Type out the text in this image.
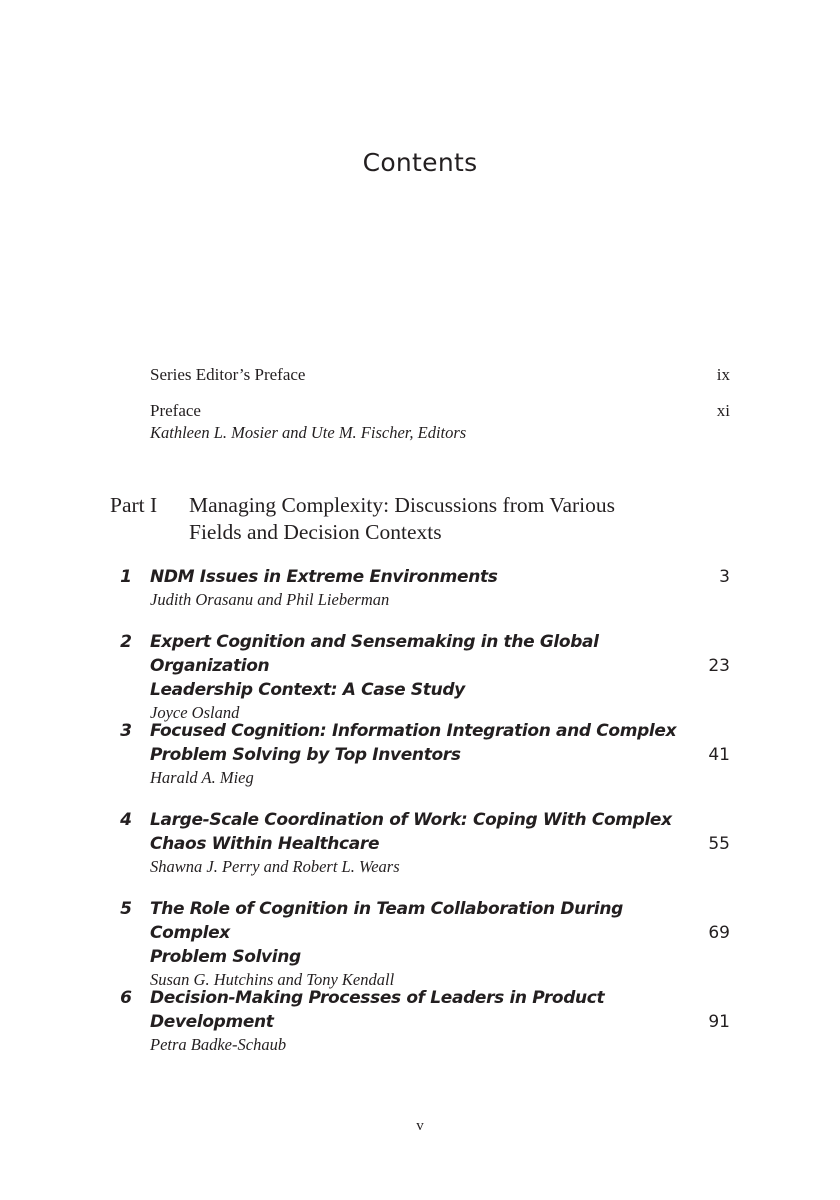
Contents
Series Editor’s Preface	ix
Preface
Kathleen L. Mosier and Ute M. Fischer, Editors
xi
Part I Managing Complexity: Discussions from Various
Fields and Decision Contexts
1 NDM Issues in Extreme Environments
Judith Orasanu and Phil Lieberman
3
2 Expert Cognition and Sensemaking in the Global Organization
Leadership Context: A Case Study
Joyce Osland
23
3 Focused Cognition: Information Integration and Complex
Problem Solving by Top Inventors
Harald A. Mieg
41
4 Large-Scale Coordination of Work: Coping With Complex
Chaos Within Healthcare
Shawna J. Perry and Robert L. Wears
55
5 The Role of Cognition in Team Collaboration During Complex
Problem Solving
Susan G. Hutchins and Tony Kendall
69
6 Decision-Making Processes of Leaders in Product
Development
Petra Badke-Schaub
91
v
